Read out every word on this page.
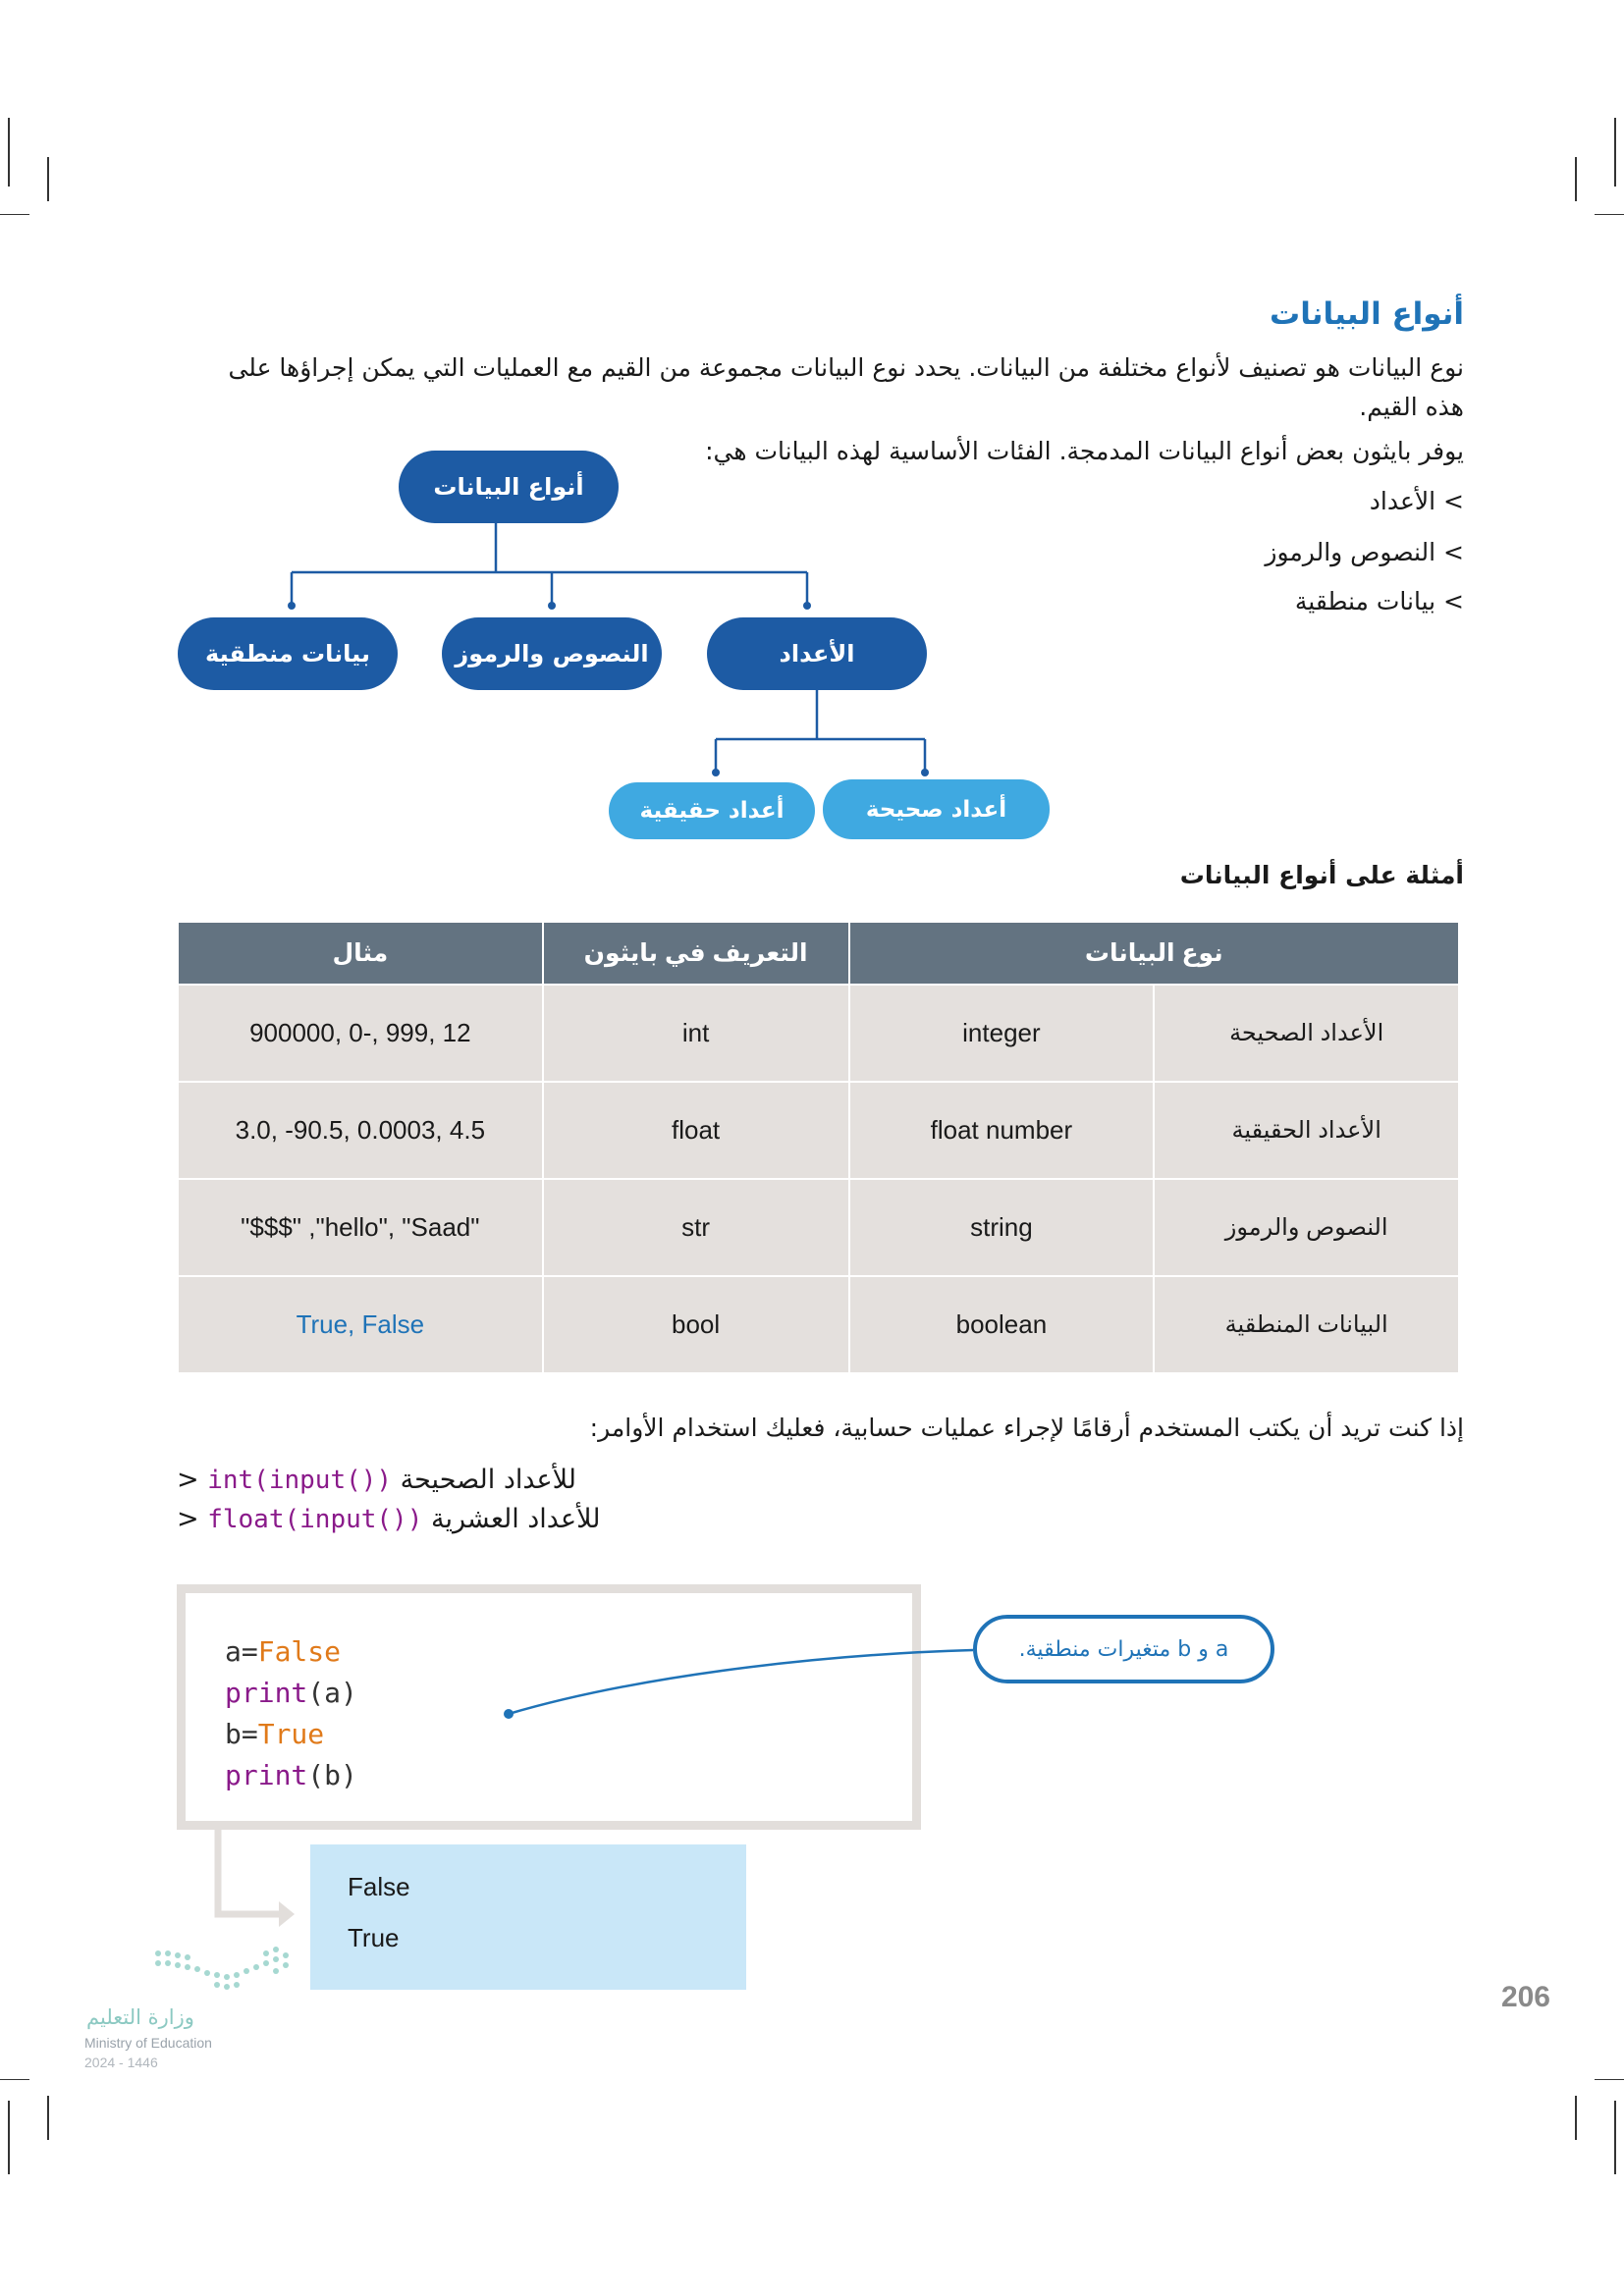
أنواع البيانات
نوع البيانات هو تصنيف لأنواع مختلفة من البيانات. يحدد نوع البيانات مجموعة من القيم مع العمليات التي يمكن إجراؤها على هذه القيم.
يوفر بايثون بعض أنواع البيانات المدمجة. الفئات الأساسية لهذه البيانات هي:
> الأعداد
> النصوص والرموز
> بيانات منطقية
أنواع البيانات
الأعداد
النصوص والرموز
بيانات منطقية
أعداد صحيحة
أعداد حقيقية
أمثلة على أنواع البيانات
نوع البيانات		التعريف في بايثون	مثال
الأعداد الصحيحة	integer	int	900000, 0-, 999, 12
الأعداد الحقيقية	float number	float	3.0, -90.5, 0.0003, 4.5
النصوص والرموز	string	str	"$$$" ,"hello", "Saad"
البيانات المنطقية	boolean	bool	True, False
إذا كنت تريد أن يكتب المستخدم أرقامًا لإجراء عمليات حسابية، فعليك استخدام الأوامر:
> int(input()) للأعداد الصحيحة
> float(input()) للأعداد العشرية
a=False
print(a)
b=True
print(b)
a و b متغيرات منطقية.
False
True
وزارة التعليم
Ministry of Education
2024 - 1446
206
